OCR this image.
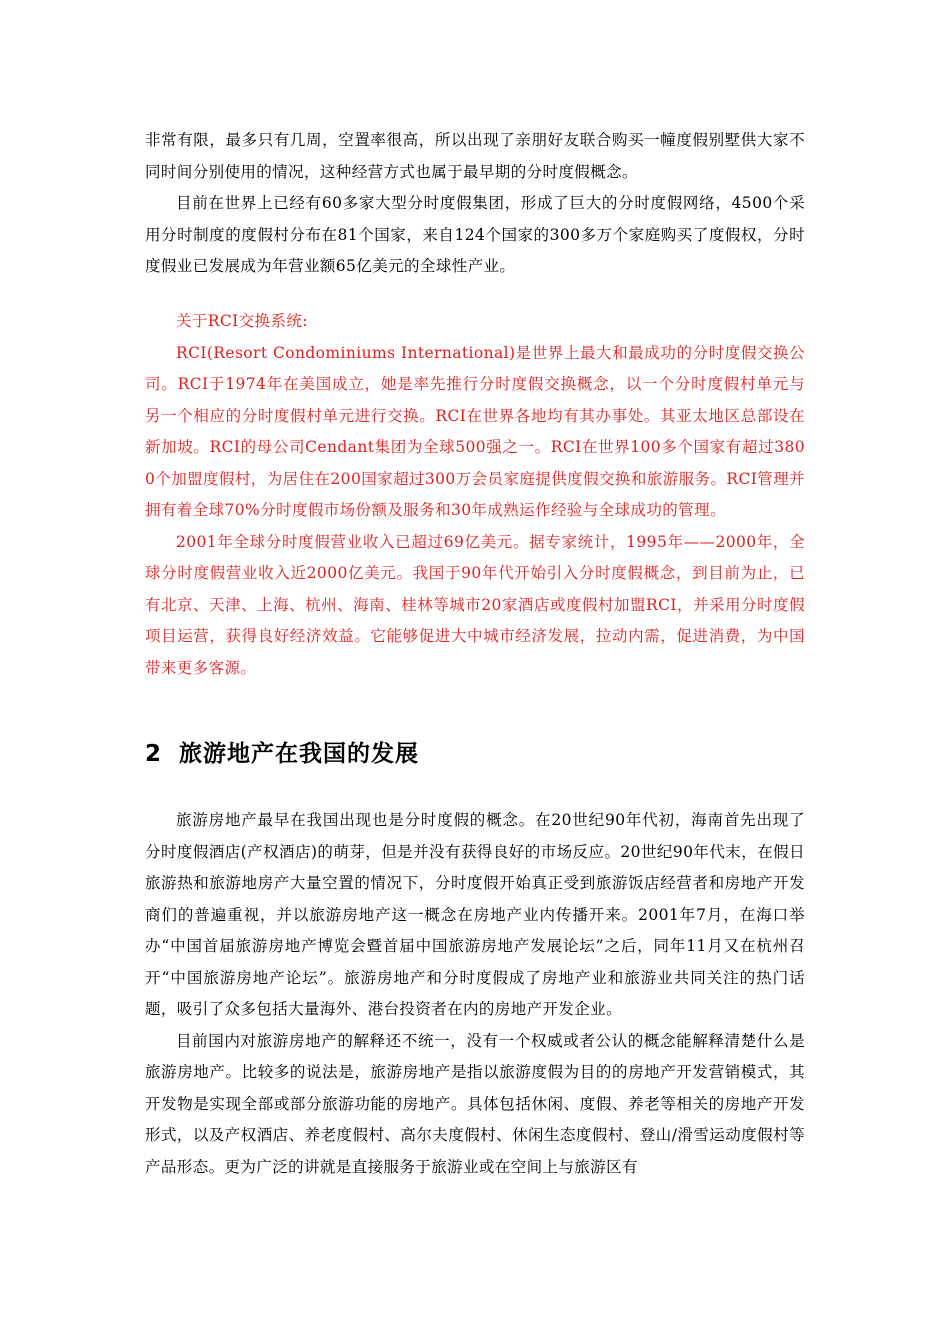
非常有限，最多只有几周，空置率很高，所以出现了亲朋好友联合购买一幢度假别墅供大家不同时间分别使用的情况，这种经营方式也属于最早期的分时度假概念。

目前在世界上已经有60多家大型分时度假集团，形成了巨大的分时度假网络，4500个采用分时制度的度假村分布在81个国家，来自124个国家的300多万个家庭购买了度假权，分时度假业已发展成为年营业额65亿美元的全球性产业。

关于RCI交换系统:

RCI(Resort Condominiums International)是世界上最大和最成功的分时度假交换公司。RCI于1974年在美国成立，她是率先推行分时度假交换概念，以一个分时度假村单元与另一个相应的分时度假村单元进行交换。RCI在世界各地均有其办事处。其亚太地区总部设在新加坡。RCI的母公司Cendant集团为全球500强之一。RCI在世界100多个国家有超过3800个加盟度假村，为居住在200国家超过300万会员家庭提供度假交换和旅游服务。RCI管理并拥有着全球70%分时度假市场份额及服务和30年成熟运作经验与全球成功的管理。

2001年全球分时度假营业收入已超过69亿美元。据专家统计，1995年——2000年，全球分时度假营业收入近2000亿美元。我国于90年代开始引入分时度假概念，到目前为止，已有北京、天津、上海、杭州、海南、桂林等城市20家酒店或度假村加盟RCI，并采用分时度假项目运营，获得良好经济效益。它能够促进大中城市经济发展，拉动内需，促进消费，为中国带来更多客源。

2 旅游地产在我国的发展

旅游房地产最早在我国出现也是分时度假的概念。在20世纪90年代初，海南首先出现了分时度假酒店(产权酒店)的萌芽，但是并没有获得良好的市场反应。20世纪90年代末，在假日旅游热和旅游地房产大量空置的情况下，分时度假开始真正受到旅游饭店经营者和房地产开发商们的普遍重视，并以旅游房地产这一概念在房地产业内传播开来。2001年7月，在海口举办“中国首届旅游房地产博览会暨首届中国旅游房地产发展论坛”之后，同年11月又在杭州召开“中国旅游房地产论坛”。旅游房地产和分时度假成了房地产业和旅游业共同关注的热门话题，吸引了众多包括大量海外、港台投资者在内的房地产开发企业。

目前国内对旅游房地产的解释还不统一，没有一个权威或者公认的概念能解释清楚什么是旅游房地产。比较多的说法是，旅游房地产是指以旅游度假为目的的房地产开发营销模式，其开发物是实现全部或部分旅游功能的房地产。具体包括休闲、度假、养老等相关的房地产开发形式，以及产权酒店、养老度假村、高尔夫度假村、休闲生态度假村、登山/滑雪运动度假村等产品形态。更为广泛的讲就是直接服务于旅游业或在空间上与旅游区有
